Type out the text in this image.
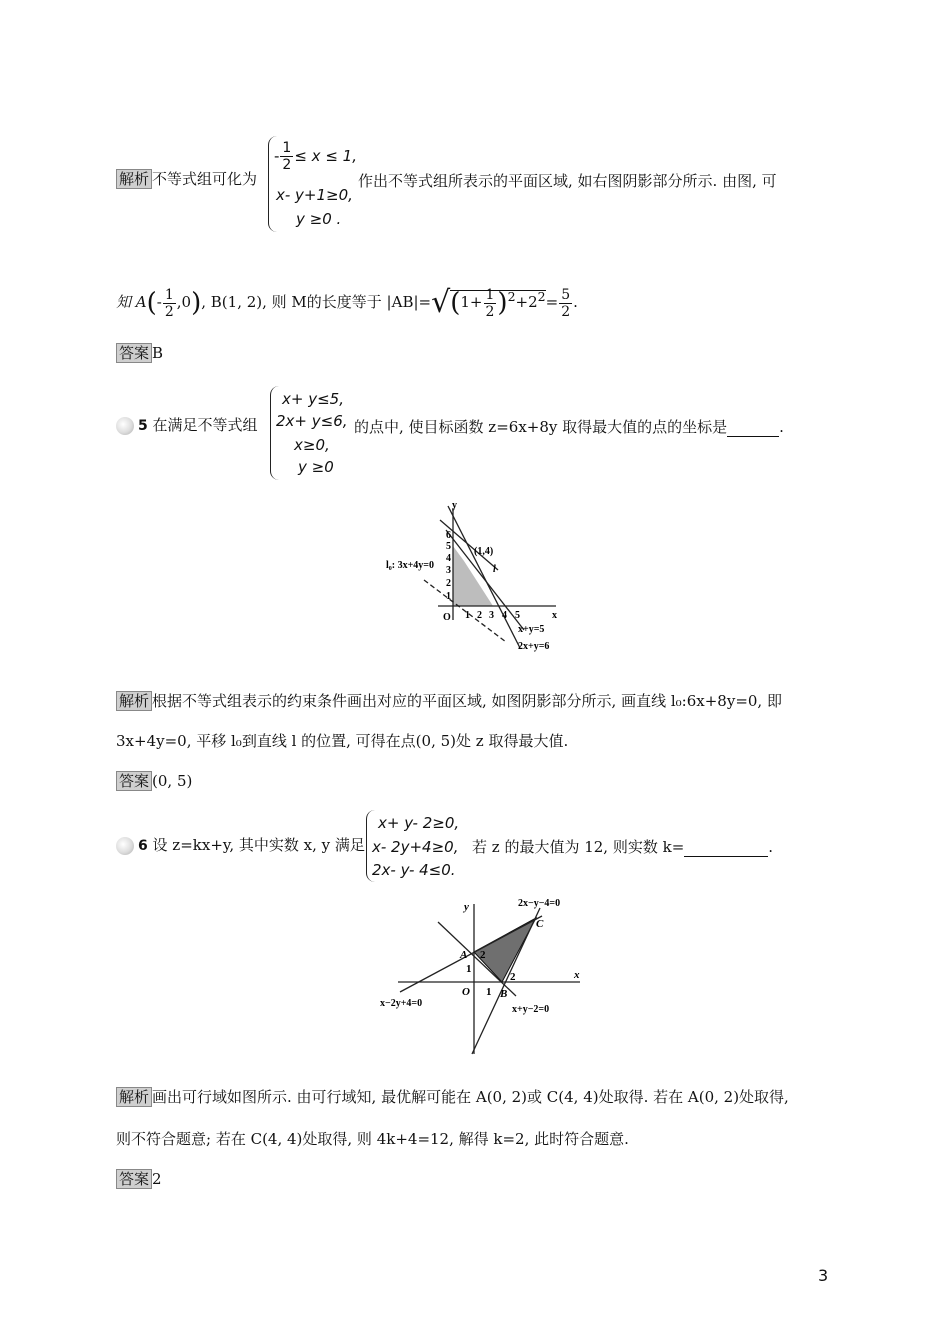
解析 不等式组可化为
- $\frac{1}{2} \le x \le 1$,
x- y+1≥0,
y ≥0 .
作出不等式组所表示的平面区域, 如右图阴影部分所示. 由图, 可
知 $A(- \frac{1}{2} ,0)$, B(1, 2), 则 M的长度等于 $|AB|=√(1+ \frac{1}{2} )^2+2^2= \frac{5}{2}$ .
答案 B
5 在满足不等式组
x+ y≤5,
2x+ y≤6,
x≥0,
y ≥0
的点中, 使目标函数 z=6x+8y 取得最大值的点的坐标是	.
y
x
O
(1,4)
l
l₀: 3x+4y=0
x+y=5
2x+y=6
1 2 3 4 5
1
2
3
4
5
6
解析 根据不等式组表示的约束条件画出对应的平面区域, 如图阴影部分所示, 画直线 l₀:6x+8y=0, 即
3x+4y=0, 平移 l₀到直线 l 的位置, 可得在点(0, 5)处 z 取得最大值.
答案 (0, 5)
6 设 z=kx+y, 其中实数 x, y 满足
x+ y- 2≥0,
x- 2y+4≥0,
2x- y- 4≤0.
若 z 的最大值为 12, 则实数 k=	.
y
x
O
A
B
C
1
1
2
2
2x−y−4=0
x−2y+4=0
x+y−2=0
解析 画出可行域如图所示. 由可行域知, 最优解可能在 A(0, 2)或 C(4, 4)处取得. 若在 A(0, 2)处取得,
则不符合题意; 若在 C(4, 4)处取得, 则 4k+4=12, 解得 k=2, 此时符合题意.
答案 2
3
